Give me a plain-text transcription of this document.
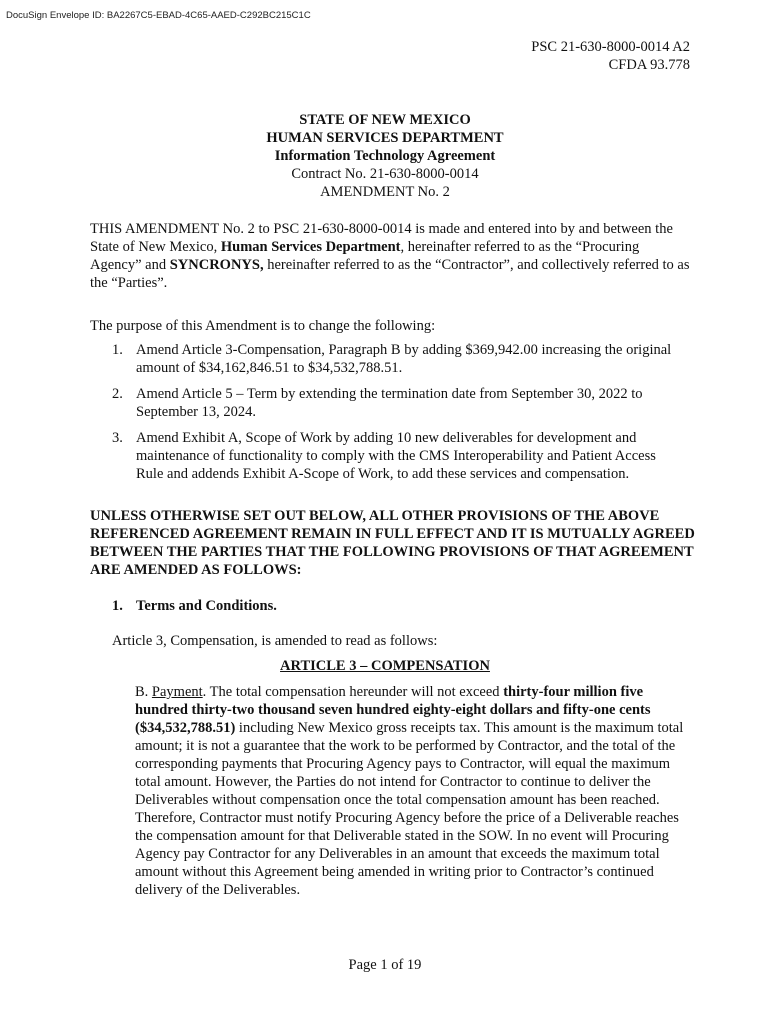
DocuSign Envelope ID: BA2267C5-EBAD-4C65-AAED-C292BC215C1C
PSC 21-630-8000-0014 A2
CFDA 93.778
STATE OF NEW MEXICO
HUMAN SERVICES DEPARTMENT
Information Technology Agreement
Contract No. 21-630-8000-0014
AMENDMENT No. 2
THIS AMENDMENT No. 2 to PSC 21-630-8000-0014 is made and entered into by and between the State of New Mexico, Human Services Department, hereinafter referred to as the “Procuring Agency” and SYNCRONYS, hereinafter referred to as the “Contractor”, and collectively referred to as the “Parties”.
The purpose of this Amendment is to change the following:
1. Amend Article 3-Compensation, Paragraph B by adding $369,942.00 increasing the original amount of $34,162,846.51 to $34,532,788.51.
2. Amend Article 5 – Term by extending the termination date from September 30, 2022 to September 13, 2024.
3. Amend Exhibit A, Scope of Work by adding 10 new deliverables for development and maintenance of functionality to comply with the CMS Interoperability and Patient Access Rule and addends Exhibit A-Scope of Work, to add these services and compensation.
UNLESS OTHERWISE SET OUT BELOW, ALL OTHER PROVISIONS OF THE ABOVE REFERENCED AGREEMENT REMAIN IN FULL EFFECT AND IT IS MUTUALLY AGREED BETWEEN THE PARTIES THAT THE FOLLOWING PROVISIONS OF THAT AGREEMENT ARE AMENDED AS FOLLOWS:
1. Terms and Conditions.
Article 3, Compensation, is amended to read as follows:
ARTICLE 3 – COMPENSATION
B. Payment. The total compensation hereunder will not exceed thirty-four million five hundred thirty-two thousand seven hundred eighty-eight dollars and fifty-one cents ($34,532,788.51) including New Mexico gross receipts tax. This amount is the maximum total amount; it is not a guarantee that the work to be performed by Contractor, and the total of the corresponding payments that Procuring Agency pays to Contractor, will equal the maximum total amount. However, the Parties do not intend for Contractor to continue to deliver the Deliverables without compensation once the total compensation amount has been reached. Therefore, Contractor must notify Procuring Agency before the price of a Deliverable reaches the compensation amount for that Deliverable stated in the SOW. In no event will Procuring Agency pay Contractor for any Deliverables in an amount that exceeds the maximum total amount without this Agreement being amended in writing prior to Contractor’s continued delivery of the Deliverables.
Page 1 of 19
